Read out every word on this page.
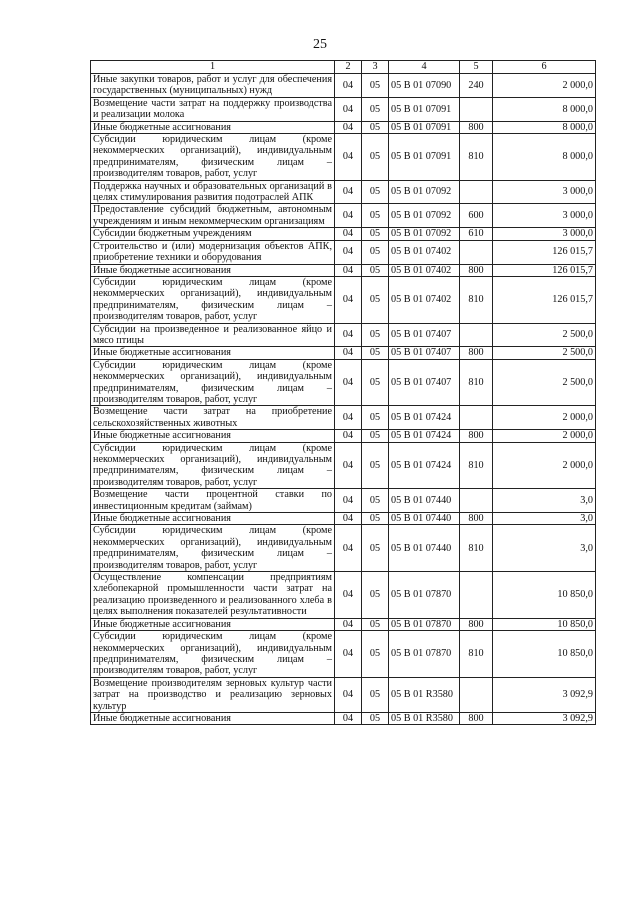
25
1	2	3	4	5	6
Иные закупки товаров, работ и услуг для обеспечения государственных (муниципальных) нужд	04	05	05 В 01 07090	240	2 000,0
Возмещение части затрат на поддержку производства и реализации молока	04	05	05 В 01 07091		8 000,0
Иные бюджетные ассигнования	04	05	05 В 01 07091	800	8 000,0
Субсидии юридическим лицам (кроме некоммерческих организаций), индивидуальным предпринимателям, физическим лицам – производителям товаров, работ, услуг	04	05	05 В 01 07091	810	8 000,0
Поддержка научных и образовательных организаций в целях стимулирования развития подотраслей АПК	04	05	05 В 01 07092		3 000,0
Предоставление субсидий бюджетным, автономным учреждениям и иным некоммерческим организациям	04	05	05 В 01 07092	600	3 000,0
Субсидии бюджетным учреждениям	04	05	05 В 01 07092	610	3 000,0
Строительство и (или) модернизация объектов АПК, приобретение техники и оборудования	04	05	05 В 01 07402		126 015,7
Иные бюджетные ассигнования	04	05	05 В 01 07402	800	126 015,7
Субсидии юридическим лицам (кроме некоммерческих организаций), индивидуальным предпринимателям, физическим лицам – производителям товаров, работ, услуг	04	05	05 В 01 07402	810	126 015,7
Субсидии на произведенное и реализованное яйцо и мясо птицы	04	05	05 В 01 07407		2 500,0
Иные бюджетные ассигнования	04	05	05 В 01 07407	800	2 500,0
Субсидии юридическим лицам (кроме некоммерческих организаций), индивидуальным предпринимателям, физическим лицам – производителям товаров, работ, услуг	04	05	05 В 01 07407	810	2 500,0
Возмещение части затрат на приобретение сельскохозяйственных животных	04	05	05 В 01 07424		2 000,0
Иные бюджетные ассигнования	04	05	05 В 01 07424	800	2 000,0
Субсидии юридическим лицам (кроме некоммерческих организаций), индивидуальным предпринимателям, физическим лицам – производителям товаров, работ, услуг	04	05	05 В 01 07424	810	2 000,0
Возмещение части процентной ставки по инвестиционным кредитам (займам)	04	05	05 В 01 07440		3,0
Иные бюджетные ассигнования	04	05	05 В 01 07440	800	3,0
Субсидии юридическим лицам (кроме некоммерческих организаций), индивидуальным предпринимателям, физическим лицам – производителям товаров, работ, услуг	04	05	05 В 01 07440	810	3,0
Осуществление компенсации предприятиям хлебопекарной промышленности части затрат на реализацию произведенного и реализованного хлеба в целях выполнения показателей результативности	04	05	05 В 01 07870		10 850,0
Иные бюджетные ассигнования	04	05	05 В 01 07870	800	10 850,0
Субсидии юридическим лицам (кроме некоммерческих организаций), индивидуальным предпринимателям, физическим лицам – производителям товаров, работ, услуг	04	05	05 В 01 07870	810	10 850,0
Возмещение производителям зерновых культур части затрат на производство и реализацию зерновых культур	04	05	05 В 01 R3580		3 092,9
Иные бюджетные ассигнования	04	05	05 В 01 R3580	800	3 092,9
